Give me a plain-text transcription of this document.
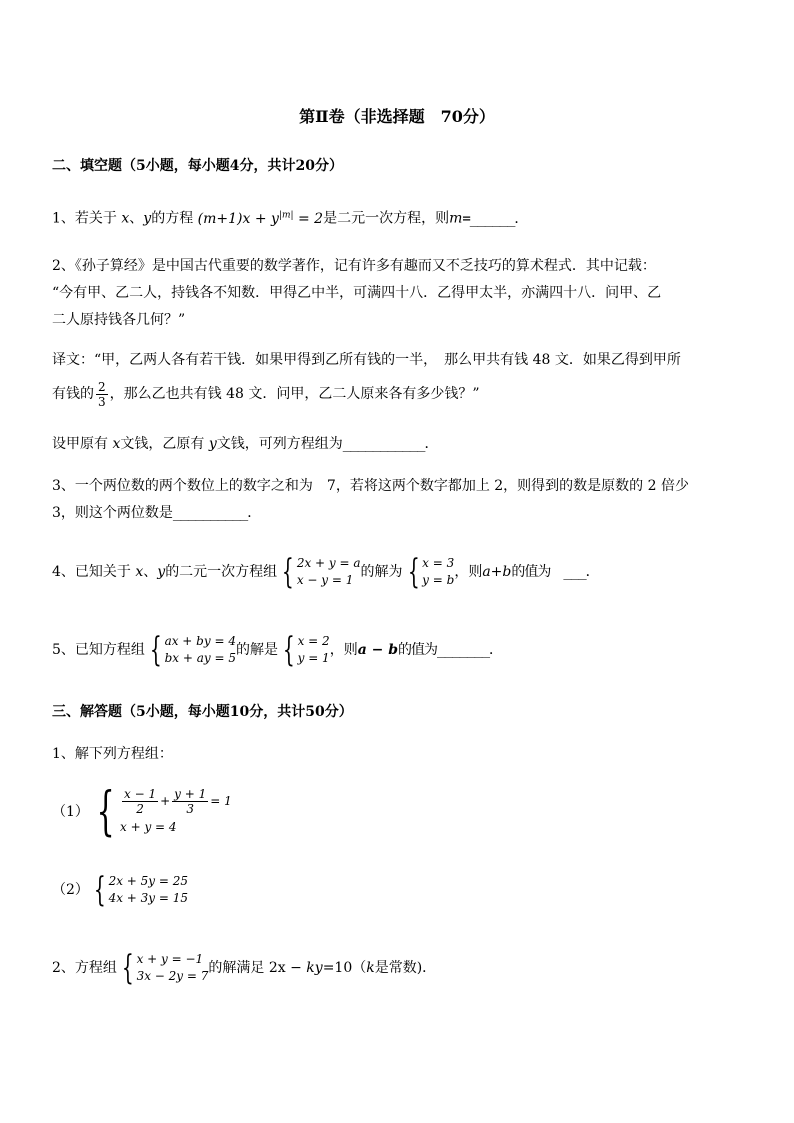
第Ⅱ卷（非选择题　70分）
二、填空题（5小题，每小题4分，共计20分）
1、若关于 x、y的方程 $(m+1)x + y^{|m|} = 2$是二元一次方程，则m=______．
2、《孙子算经》是中国古代重要的数学著作，记有许多有趣而又不乏技巧的算术程式．其中记载：
“今有甲、乙二人，持钱各不知数．甲得乙中半，可满四十八．乙得甲太半，亦满四十八．问甲、乙
二人原持钱各几何？”
译文：“甲，乙两人各有若干钱．如果甲得到乙所有钱的一半，　那么甲共有钱 48 文．如果乙得到甲所
有钱的 $\frac{2}{3}$ ，那么乙也共有钱 48 文．问甲，乙二人原来各有多少钱？”
设甲原有 x文钱，乙原有 y文钱，可列方程组为___________．
3、一个两位数的两个数位上的数字之和为　7，若将这两个数字都加上 2，则得到的数是原数的 2 倍少
3，则这个两位数是__________．
4、已知关于 x、y的二元一次方程组 { 2x + y = a
x − y = 1 的解为 { x = 3
y = b ，则a+b的值为　___．
5、已知方程组 { ax + by = 4
bx + ay = 5 的解是 { x = 2
y = 1 ，则a − b的值为_______．
三、解答题（5小题，每小题10分，共计50分）
1、解下列方程组：
（1） { $\frac{x - 1}{2} + \frac{y + 1}{3} = 1$
x + y = 4
（2） { 2x + 5y = 25
4x + 3y = 15
2、方程组 { x + y = −1
3x − 2y = 7 的解满足 2x − ky=10（k是常数)．
